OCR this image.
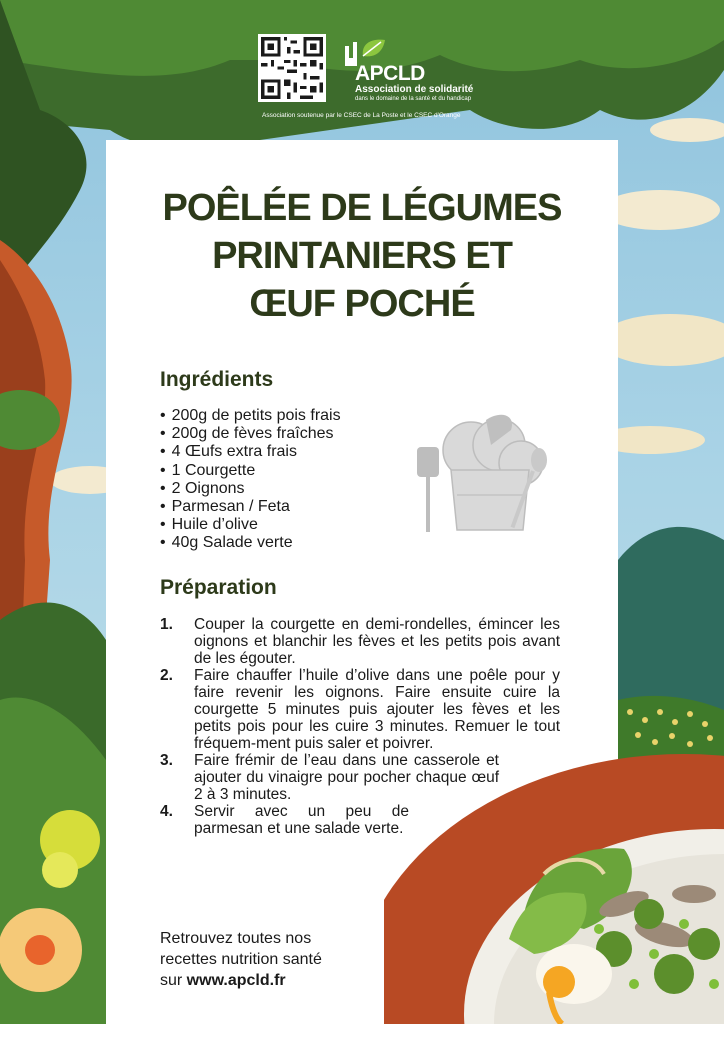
APCLD
Association de solidarité
dans le domaine de la santé et du handicap
Association soutenue par le CSEC de La Poste et le CSEC d'Orange
POÊLÉE DE LÉGUMES
PRINTANIERS ET
ŒUF POCHÉ
Ingrédients
• 200g de petits pois frais
• 200g de fèves fraîches
• 4 Œufs extra frais
• 1 Courgette
• 2 Oignons
• Parmesan / Feta
• Huile d’olive
• 40g Salade verte
Préparation
1. Couper la courgette en demi-rondelles, émincer les oignons et blanchir les fèves et les petits pois avant de les égouter.
2. Faire chauffer l’huile d’olive dans une poêle pour y faire revenir les oignons. Faire ensuite cuire la courgette 5 minutes puis ajouter les fèves et les petits pois pour les cuire 3 minutes. Remuer le tout fréquem-ment puis saler et poivrer.
3. Faire frémir de l’eau dans une casserole et ajouter du vinaigre pour pocher chaque œuf 2 à 3 minutes.
4. Servir avec un peu de parmesan et une salade verte.
Retrouvez toutes nos
recettes nutrition santé
sur www.apcld.fr
